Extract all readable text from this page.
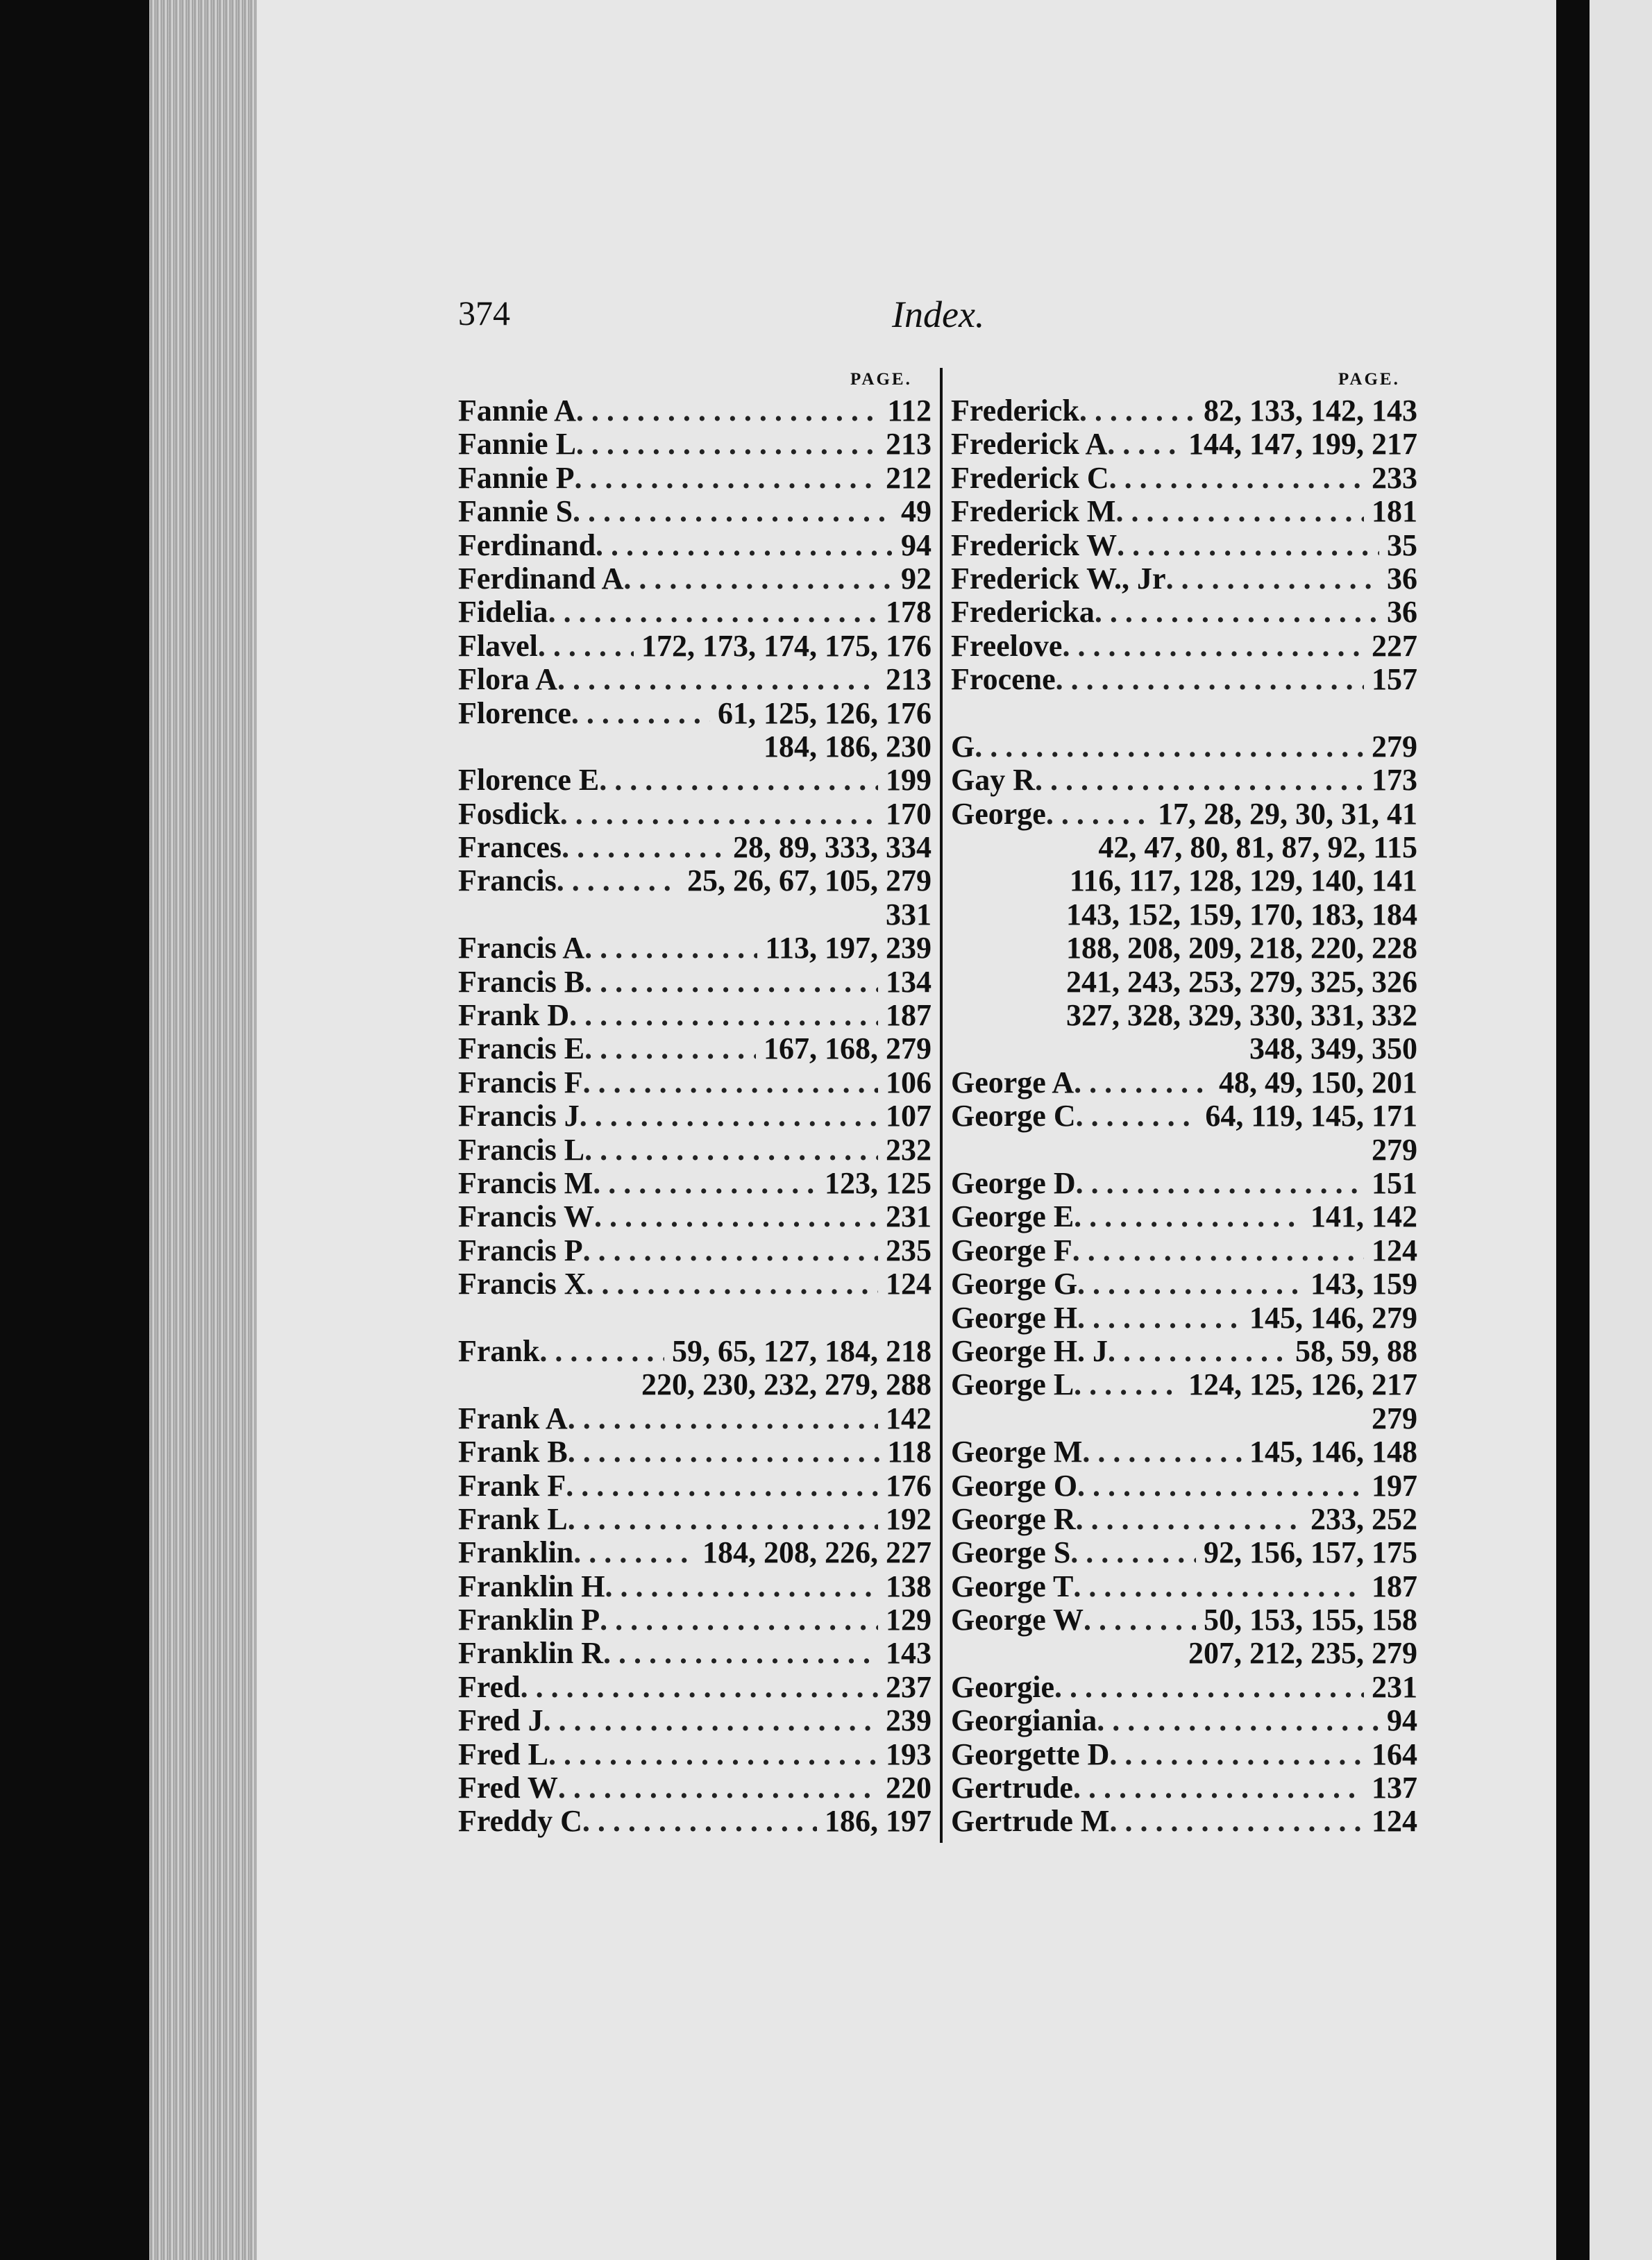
374	Index.
PAGE.	PAGE.
Fannie A . . .	112
Fannie L . . .	213
Fannie P . . .	212
Fannie S . . .	49
Ferdinand . . .	94
Ferdinand A . . .	92
Fidelia . . .	178
Flavel . . .	172, 173, 174, 175, 176
Flora A . . .	213
Florence . . .	61, 125, 126, 176
184, 186, 230
Florence E . . .	199
Fosdick . . .	170
Frances . . .	28, 89, 333, 334
Francis . . .	25, 26, 67, 105, 279
331
Francis A . . .	113, 197, 239
Francis B . . .	134
Frank D . . .	187
Francis E . . .	167, 168, 279
Francis F . . .	106
Francis J . . .	107
Francis L . . .	232
Francis M . . .	123, 125
Francis W . . .	231
Francis P . . .	235
Francis X . . .	124
Frank . . .	59, 65, 127, 184, 218
220, 230, 232, 279, 288
Frank A . . .	142
Frank B . . .	118
Frank F . . .	176
Frank L . . .	192
Franklin . . .	184, 208, 226, 227
Franklin H . . .	138
Franklin P . . .	129
Franklin R . . .	143
Fred . . .	237
Fred J . . .	239
Fred L . . .	193
Fred W . . .	220
Freddy C . . .	186, 197
Frederick . . .	82, 133, 142, 143
Frederick A . . . 144, 147, 199, 217
Frederick C . . .	233
Frederick M . . .	181
Frederick W . . .	35
Frederick W., Jr . . .	36
Fredericka . . .	36
Freelove . . .	227
Frocene . . .	157
G . . .	279
Gay R . . .	173
George . . .	17, 28, 29, 30, 31, 41
42, 47, 80, 81, 87, 92, 115
116, 117, 128, 129, 140, 141
143, 152, 159, 170, 183, 184
188, 208, 209, 218, 220, 228
241, 243, 253, 279, 325, 326
327, 328, 329, 330, 331, 332
348, 349, 350
George A . . .	48, 49, 150, 201
George C . . .	64, 119, 145, 171
279
George D . . .	151
George E . . .	141, 142
George F . . .	124
George G . . .	143, 159
George H . . .	145, 146, 279
George H. J . . .	58, 59, 88
George L . . .	124, 125, 126, 217
279
George M . . .	145, 146, 148
George O . . .	197
George R . . .	233, 252
George S . . .	92, 156, 157, 175
George T . . .	187
George W . . .	50, 153, 155, 158
207, 212, 235, 279
Georgie . . .	231
Georgiania . . .	94
Georgette D . . .	164
Gertrude . . .	137
Gertrude M . . .	124
